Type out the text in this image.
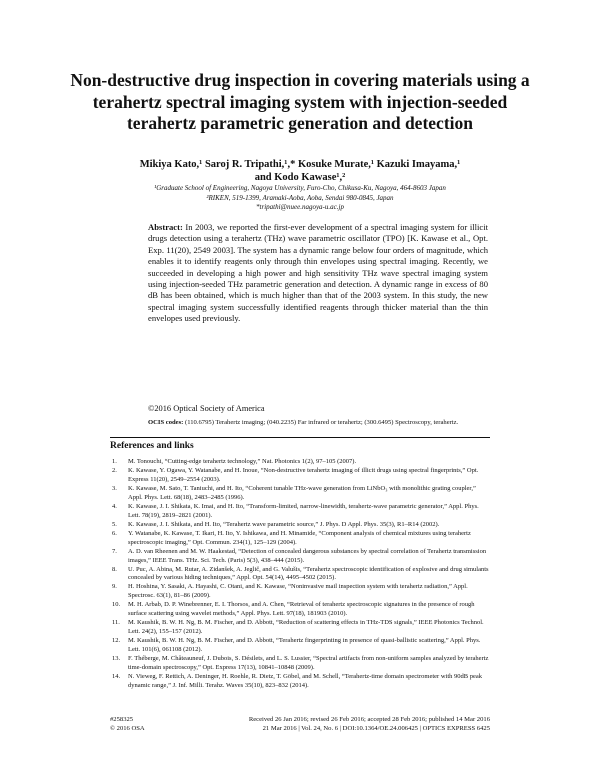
Non-destructive drug inspection in covering materials using a terahertz spectral imaging system with injection-seeded terahertz parametric generation and detection
Mikiya Kato,¹ Saroj R. Tripathi,¹,* Kosuke Murate,¹ Kazuki Imayama,¹
and Kodo Kawase¹,²
¹Graduate School of Engineering, Nagoya University, Furo-Cho, Chikusa-Ku, Nagoya, 464-8603 Japan
²RIKEN, 519-1399, Aramaki-Aoba, Aoba, Sendai 980-0845, Japan
*tripathi@nuee.nagoya-u.ac.jp
Abstract: In 2003, we reported the first-ever development of a spectral imaging system for illicit drugs detection using a terahertz (THz) wave parametric oscillator (TPO) [K. Kawase et al., Opt. Exp. 11(20), 2549 2003]. The system has a dynamic range below four orders of magnitude, which enables it to identify reagents only through thin envelopes using spectral imaging. Recently, we succeeded in developing a high power and high sensitivity THz wave spectral imaging system using injection-seeded THz parametric generation and detection. A dynamic range in excess of 80 dB has been obtained, which is much higher than that of the 2003 system. In this study, the new spectral imaging system successfully identified reagents through thicker material than the thin envelopes used previously.
©2016 Optical Society of America
OCIS codes: (110.6795) Terahertz imaging; (040.2235) Far infrared or terahertz; (300.6495) Spectroscopy, terahertz.
References and links
1.	M. Tonouchi, “Cutting-edge terahertz technology,” Nat. Photonics 1(2), 97–105 (2007).
2.	K. Kawase, Y. Ogawa, Y. Watanabe, and H. Inoue, “Non-destructive terahertz imaging of illicit drugs using spectral fingerprints,” Opt. Express 11(20), 2549–2554 (2003).
3.	K. Kawase, M. Sato, T. Taniuchi, and H. Ito, “Coherent tunable THz-wave generation from LiNbO₃ with monolithic grating coupler,” Appl. Phys. Lett. 68(18), 2483–2485 (1996).
4.	K. Kawase, J. I. Shikata, K. Imai, and H. Ito, “Transform-limited, narrow-linewidth, terahertz-wave parametric generator,” Appl. Phys. Lett. 78(19), 2819–2821 (2001).
5.	K. Kawase, J. I. Shikata, and H. Ito, “Terahertz wave parametric source,” J. Phys. D Appl. Phys. 35(3), R1–R14 (2002).
6.	Y. Watanabe, K. Kawase, T. Ikari, H. Ito, Y. Ishikawa, and H. Minamide, “Component analysis of chemical mixtures using terahertz spectroscopic imaging,” Opt. Commun. 234(1), 125–129 (2004).
7.	A. D. van Rheenen and M. W. Haakestad, “Detection of concealed dangerous substances by spectral correlation of Terahertz transmission images,” IEEE Trans. THz. Sci. Tech. (Paris) 5(3), 438–444 (2015).
8.	U. Puc, A. Abina, M. Rutar, A. Zidanšek, A. Jeglič, and G. Valušis, “Terahertz spectroscopic identification of explosive and drug simulants concealed by various hiding techniques,” Appl. Opt. 54(14), 4495–4502 (2015).
9.	H. Hoshina, Y. Sasaki, A. Hayashi, C. Otani, and K. Kawase, “Noninvasive mail inspection system with terahertz radiation,” Appl. Spectrosc. 63(1), 81–86 (2009).
10.	M. H. Arbab, D. P. Winebrenner, E. I. Thorsos, and A. Chen, “Retrieval of terahertz spectroscopic signatures in the presence of rough surface scattering using wavelet methods,” Appl. Phys. Lett. 97(18), 181903 (2010).
11.	M. Kaushik, B. W. H. Ng, B. M. Fischer, and D. Abbott, “Reduction of scattering effects in THz-TDS signals,” IEEE Photonics Technol. Lett. 24(2), 155–157 (2012).
12.	M. Kaushik, B. W. H. Ng, B. M. Fischer, and D. Abbott, “Terahertz fingerprinting in presence of quasi-ballistic scattering,” Appl. Phys. Lett. 101(6), 061108 (2012).
13.	F. Théberge, M. Châteauneuf, J. Dubois, S. Désilets, and L. S. Lussier, “Spectral artifacts from non-uniform samples analyzed by terahertz time-domain spectroscopy,” Opt. Express 17(13), 10841–10848 (2009).
14.	N. Vieweg, F. Rettich, A. Deninger, H. Roehle, R. Dietz, T. Göbel, and M. Schell, “Terahertz-time domain spectrometer with 90dB peak dynamic range,” J. Inf. Milli. Terahz. Waves 35(10), 823–832 (2014).
#258325
© 2016 OSA
Received 26 Jan 2016; revised 26 Feb 2016; accepted 28 Feb 2016; published 14 Mar 2016
21 Mar 2016 | Vol. 24, No. 6 | DOI:10.1364/OE.24.006425 | OPTICS EXPRESS 6425
